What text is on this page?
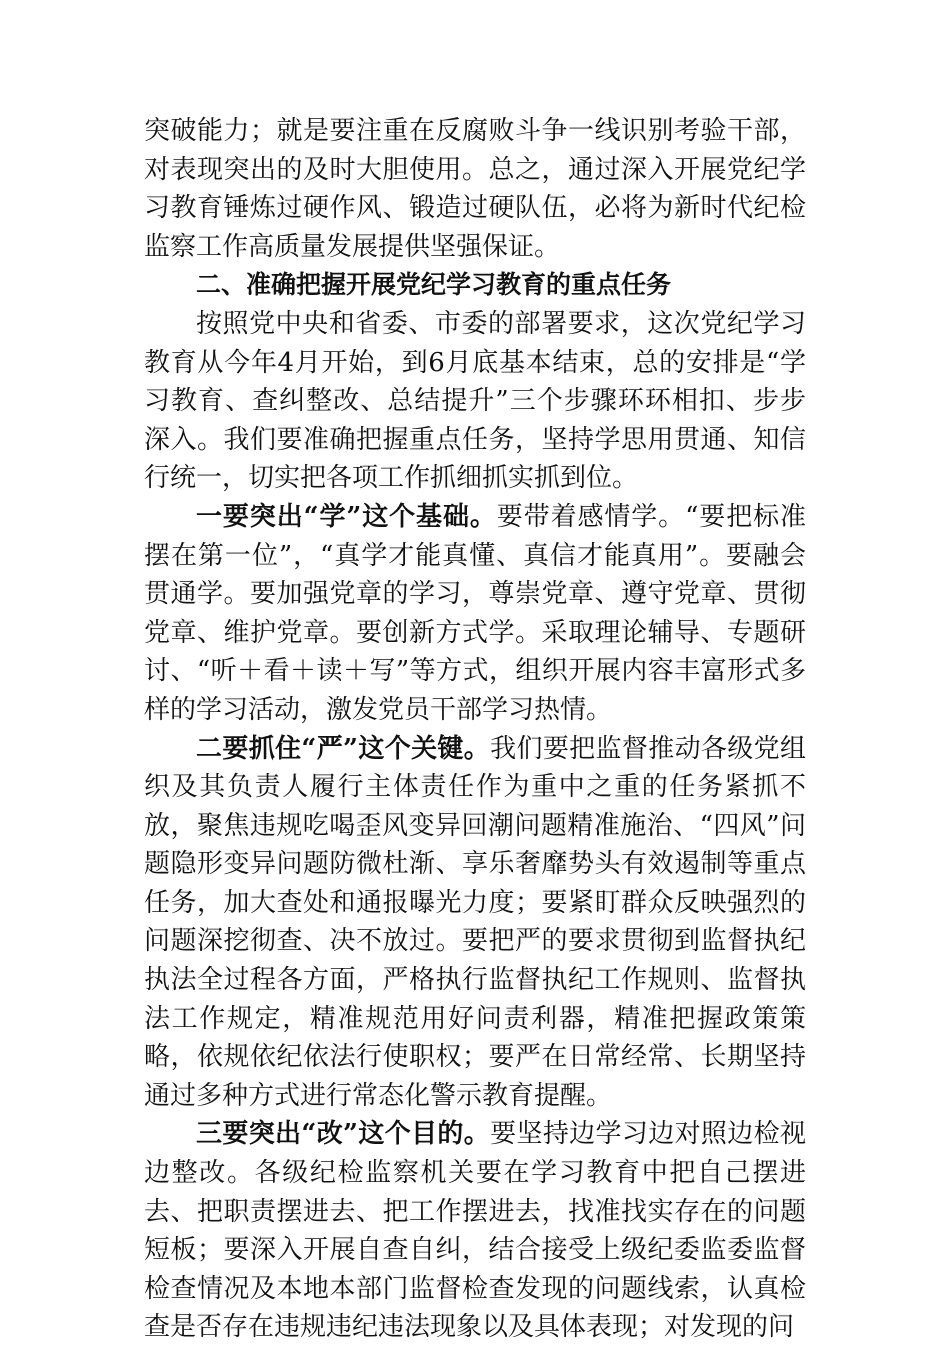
突破能力；就是要注重在反腐败斗争一线识别考验干部，对表现突出的及时大胆使用。总之，通过深入开展党纪学习教育锤炼过硬作风、锻造过硬队伍，必将为新时代纪检监察工作高质量发展提供坚强保证。

二、准确把握开展党纪学习教育的重点任务

按照党中央和省委、市委的部署要求，这次党纪学习教育从今年4月开始，到6月底基本结束，总的安排是“学习教育、查纠整改、总结提升”三个步骤环环相扣、步步深入。我们要准确把握重点任务，坚持学思用贯通、知信行统一，切实把各项工作抓细抓实抓到位。

一要突出“学”这个基础。要带着感情学。“要把标准摆在第一位”，“真学才能真懂、真信才能真用”。要融会贯通学。要加强党章的学习，尊崇党章、遵守党章、贯彻党章、维护党章。要创新方式学。采取理论辅导、专题研讨、“听＋看＋读＋写”等方式，组织开展内容丰富形式多样的学习活动，激发党员干部学习热情。

二要抓住“严”这个关键。我们要把监督推动各级党组织及其负责人履行主体责任作为重中之重的任务紧抓不放，聚焦违规吃喝歪风变异回潮问题精准施治、“四风”问题隐形变异问题防微杜渐、享乐奢靡势头有效遏制等重点任务，加大查处和通报曝光力度；要紧盯群众反映强烈的问题深挖彻查、决不放过。要把严的要求贯彻到监督执纪执法全过程各方面，严格执行监督执纪工作规则、监督执法工作规定，精准规范用好问责利器，精准把握政策策略，依规依纪依法行使职权；要严在日常经常、长期坚持通过多种方式进行常态化警示教育提醒。

三要突出“改”这个目的。要坚持边学习边对照边检视边整改。各级纪检监察机关要在学习教育中把自己摆进去、把职责摆进去、把工作摆进去，找准找实存在的问题短板；要深入开展自查自纠，结合接受上级纪委监委监督检查情况及本地本部门监督检查发现的问题线索，认真检查是否存在违规违纪违法现象以及具体表现；对发现的问
